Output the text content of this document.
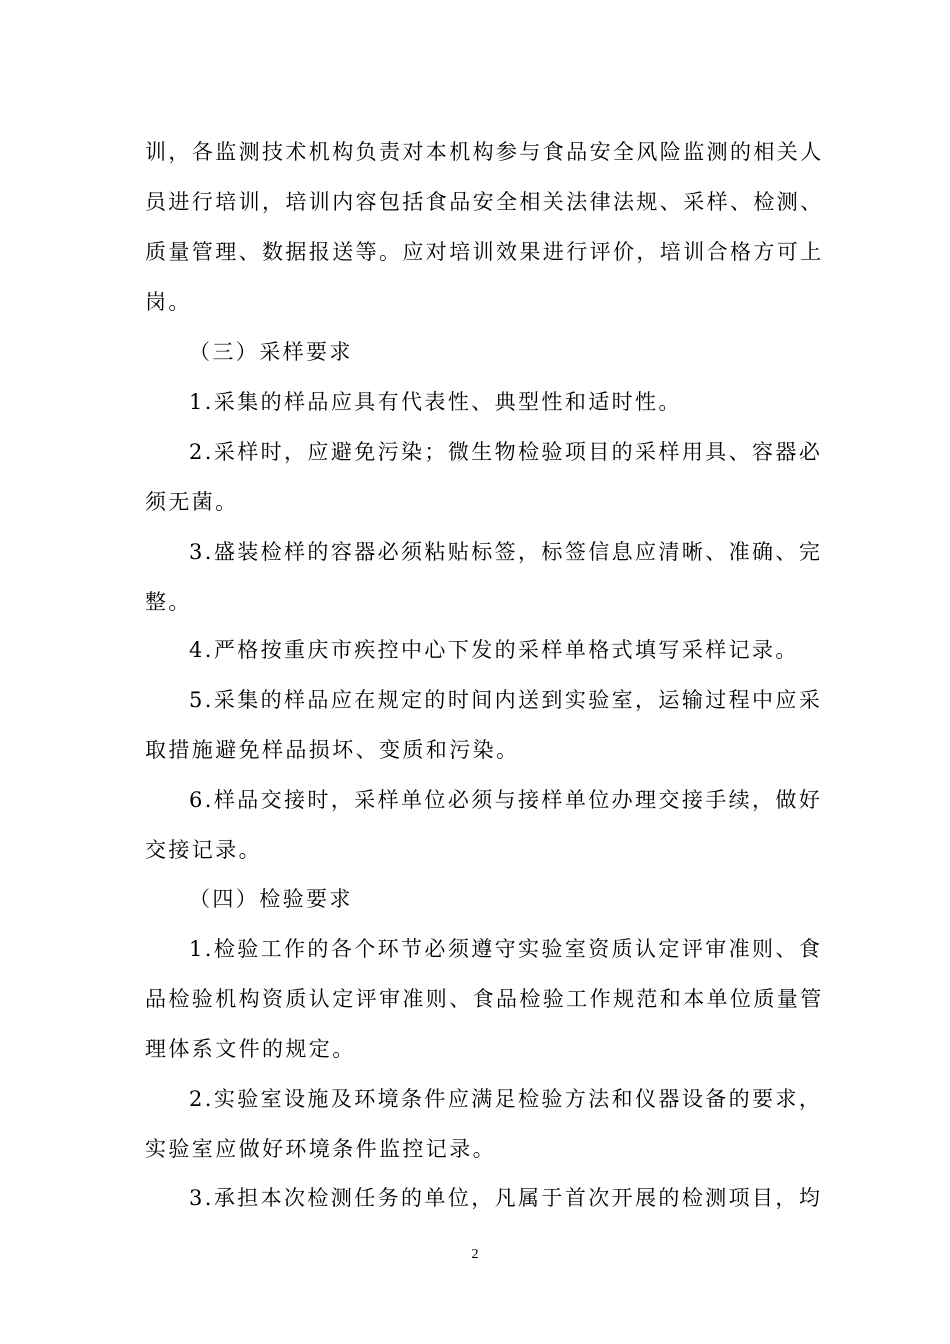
训，各监测技术机构负责对本机构参与食品安全风险监测的相关人
员进行培训，培训内容包括食品安全相关法律法规、采样、检测、
质量管理、数据报送等。应对培训效果进行评价，培训合格方可上
岗。
（三）采样要求
1.采集的样品应具有代表性、典型性和适时性。
2.采样时，应避免污染；微生物检验项目的采样用具、容器必
须无菌。
3.盛装检样的容器必须粘贴标签，标签信息应清晰、准确、完
整。
4.严格按重庆市疾控中心下发的采样单格式填写采样记录。
5.采集的样品应在规定的时间内送到实验室，运输过程中应采
取措施避免样品损坏、变质和污染。
6.样品交接时，采样单位必须与接样单位办理交接手续，做好
交接记录。
（四）检验要求
1.检验工作的各个环节必须遵守实验室资质认定评审准则、食
品检验机构资质认定评审准则、食品检验工作规范和本单位质量管
理体系文件的规定。
2.实验室设施及环境条件应满足检验方法和仪器设备的要求，
实验室应做好环境条件监控记录。
3.承担本次检测任务的单位，凡属于首次开展的检测项目，均
2
